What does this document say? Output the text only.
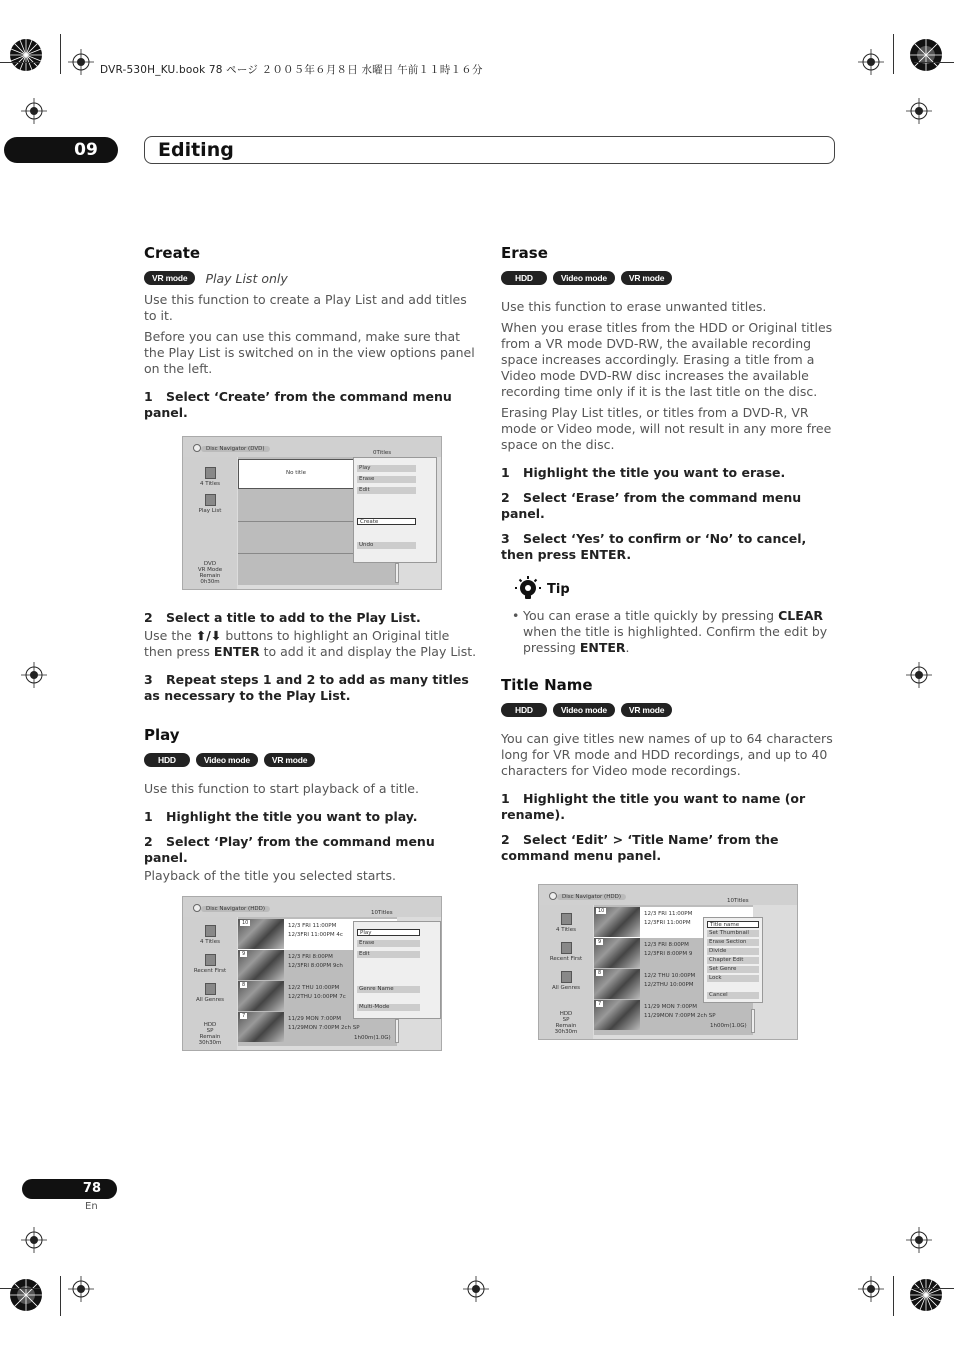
DVR-530H_KU.book 78 ページ ２００５年６月８日 水曜日 午前１１時１６分
09	Editing
Create
VR mode	Play List only

Use this function to create a Play List and add titles to it.

Before you can use this command, make sure that the Play List is switched on in the view options panel on the left.

1 Select ‘Create’ from the command menu panel.
Disc Navigator (DVD)
0Titles
4 Titles
Play List
DVD
VR Mode
Remain
0h30m
No title
Play
Erase
Edit
Create
Undo
2 Select a title to add to the Play List.

Use the ⬆/⬇ buttons to highlight an Original title then press ENTER to add it and display the Play List.

3 Repeat steps 1 and 2 to add as many titles as necessary to the Play List.
Play
HDD	Video mode	VR mode

Use this function to start playback of a title.

1 Highlight the title you want to play.
2 Select ‘Play’ from the command menu panel.

Playback of the title you selected starts.

Disc Navigator (HDD)
10Titles
4 Titles
Recent First
All Genres
HDD
SP
Remain
30h30m
10	12/3 FRI 11:00PM
12/3FRI 11:00PM 4c
9	12/3 FRI 8:00PM
12/3FRI 8:00PM 9ch
8	12/2 THU 10:00PM
12/2THU 10:00PM 7c
7	11/29 MON 7:00PM
11/29MON 7:00PM 2ch SP
1h00m(1.0G)
Play
Erase
Edit
Genre Name
Multi-Mode
Erase
HDD	Video mode	VR mode

Use this function to erase unwanted titles.

When you erase titles from the HDD or Original titles from a VR mode DVD-RW, the available recording space increases accordingly. Erasing a title from a Video mode DVD-RW disc increases the available recording time only if it is the last title on the disc.

Erasing Play List titles, or titles from a DVD-R, VR mode or Video mode, will not result in any more free space on the disc.

1 Highlight the title you want to erase.
2 Select ‘Erase’ from the command menu panel.
3 Select ‘Yes’ to confirm or ‘No’ to cancel, then press ENTER.
Tip
• You can erase a title quickly by pressing CLEAR when the title is highlighted. Confirm the edit by pressing ENTER.
Title Name
HDD	Video mode	VR mode

You can give titles new names of up to 64 characters long for VR mode and HDD recordings, and up to 40 characters for Video mode recordings.

1 Highlight the title you want to name (or rename).
2 Select ‘Edit’ > ‘Title Name’ from the command menu panel.
Disc Navigator (HDD)
10Titles
4 Titles
Recent First
All Genres
HDD
SP
Remain
30h30m
10	12/3 FRI 11:00PM
12/3FRI 11:00PM
9	12/3 FRI 8:00PM
12/3FRI 8:00PM 9
8	12/2 THU 10:00PM
12/2THU 10:00PM
7	11/29 MON 7:00PM
11/29MON 7:00PM 2ch SP
1h00m(1.0G)
Title name
Set Thumbnail
Erase Section
Divide
Chapter Edit
Set Genre
Lock
Cancel
78
En
